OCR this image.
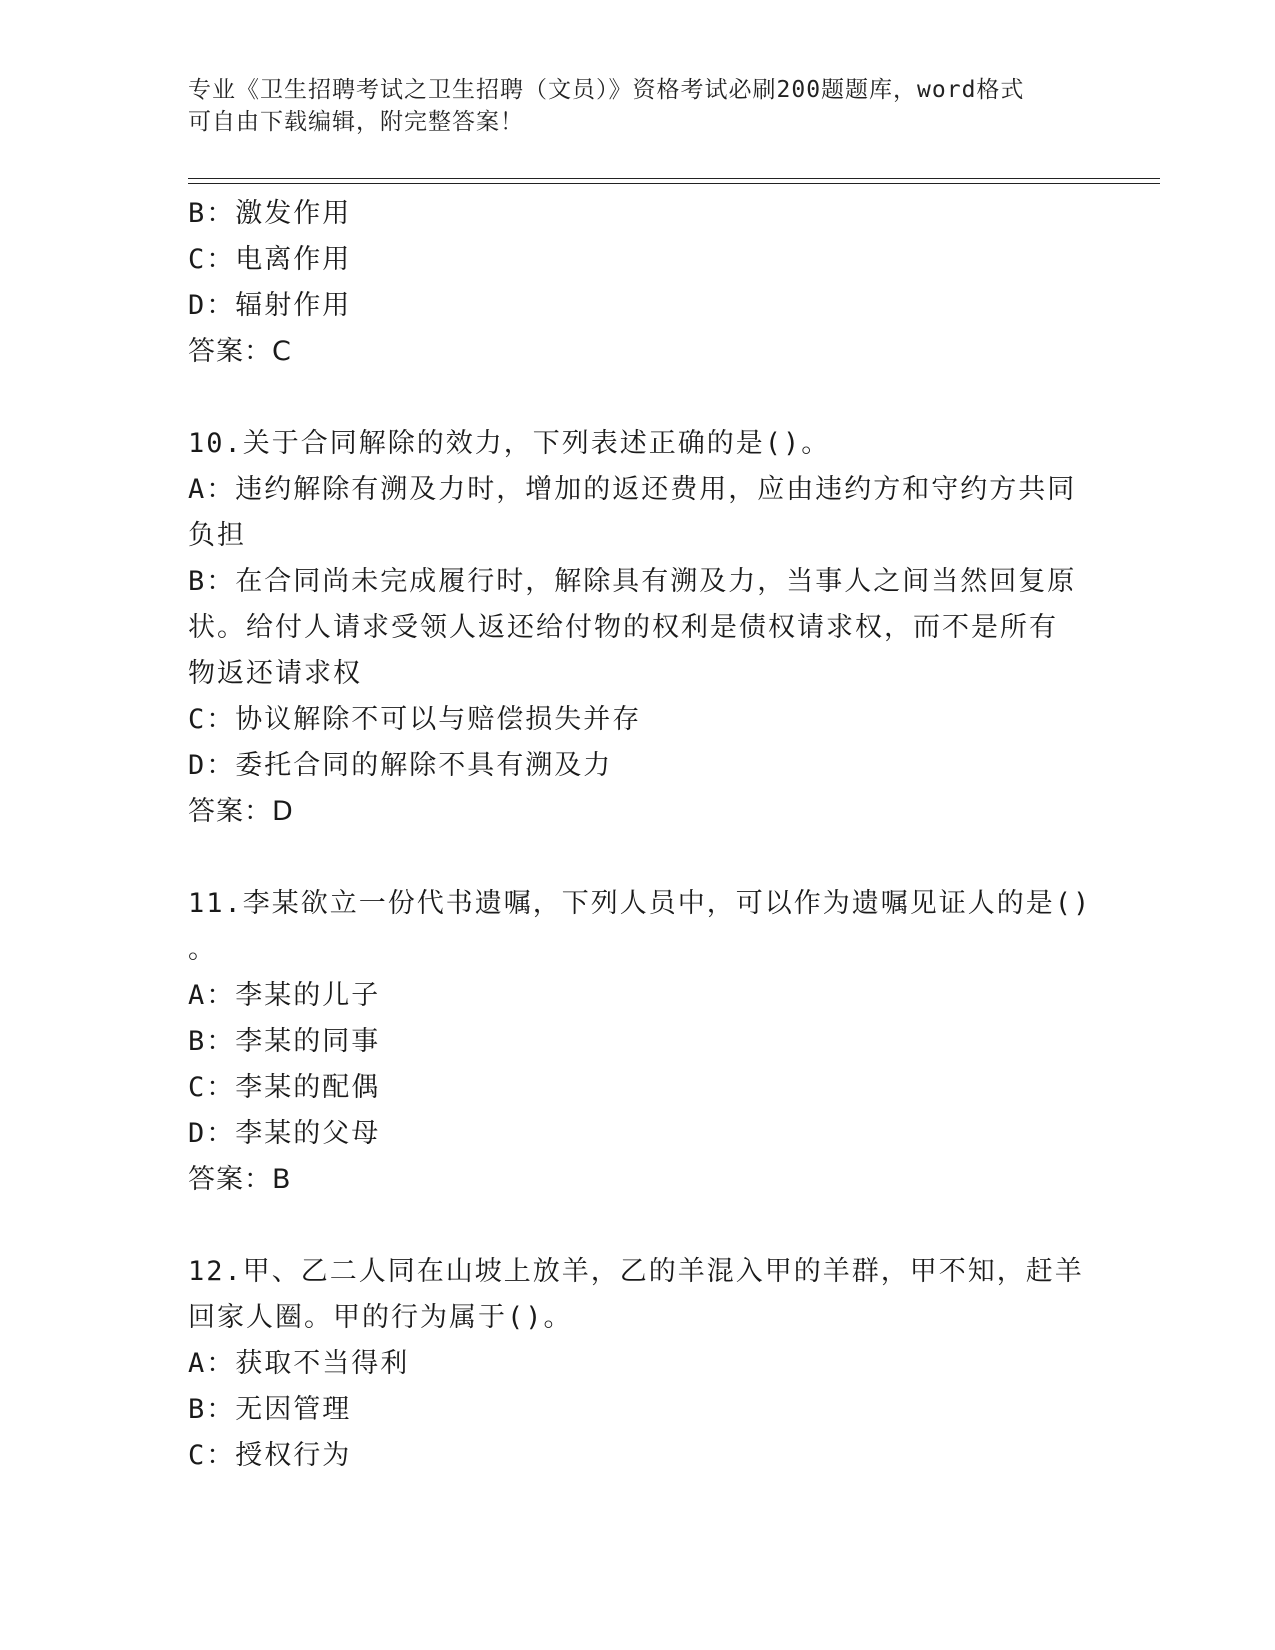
专业《卫生招聘考试之卫生招聘（文员）》资格考试必刷200题题库，word格式
可自由下载编辑，附完整答案！
B：激发作用
C：电离作用
D：辐射作用
答案：C
10.关于合同解除的效力，下列表述正确的是()。
A：违约解除有溯及力时，增加的返还费用，应由违约方和守约方共同
负担
B：在合同尚未完成履行时，解除具有溯及力，当事人之间当然回复原
状。给付人请求受领人返还给付物的权利是债权请求权，而不是所有
物返还请求权
C：协议解除不可以与赔偿损失并存
D：委托合同的解除不具有溯及力
答案：D
11.李某欲立一份代书遗嘱，下列人员中，可以作为遗嘱见证人的是()
。
A：李某的儿子
B：李某的同事
C：李某的配偶
D：李某的父母
答案：B
12.甲、乙二人同在山坡上放羊，乙的羊混入甲的羊群，甲不知，赶羊
回家人圈。甲的行为属于()。
A：获取不当得利
B：无因管理
C：授权行为
